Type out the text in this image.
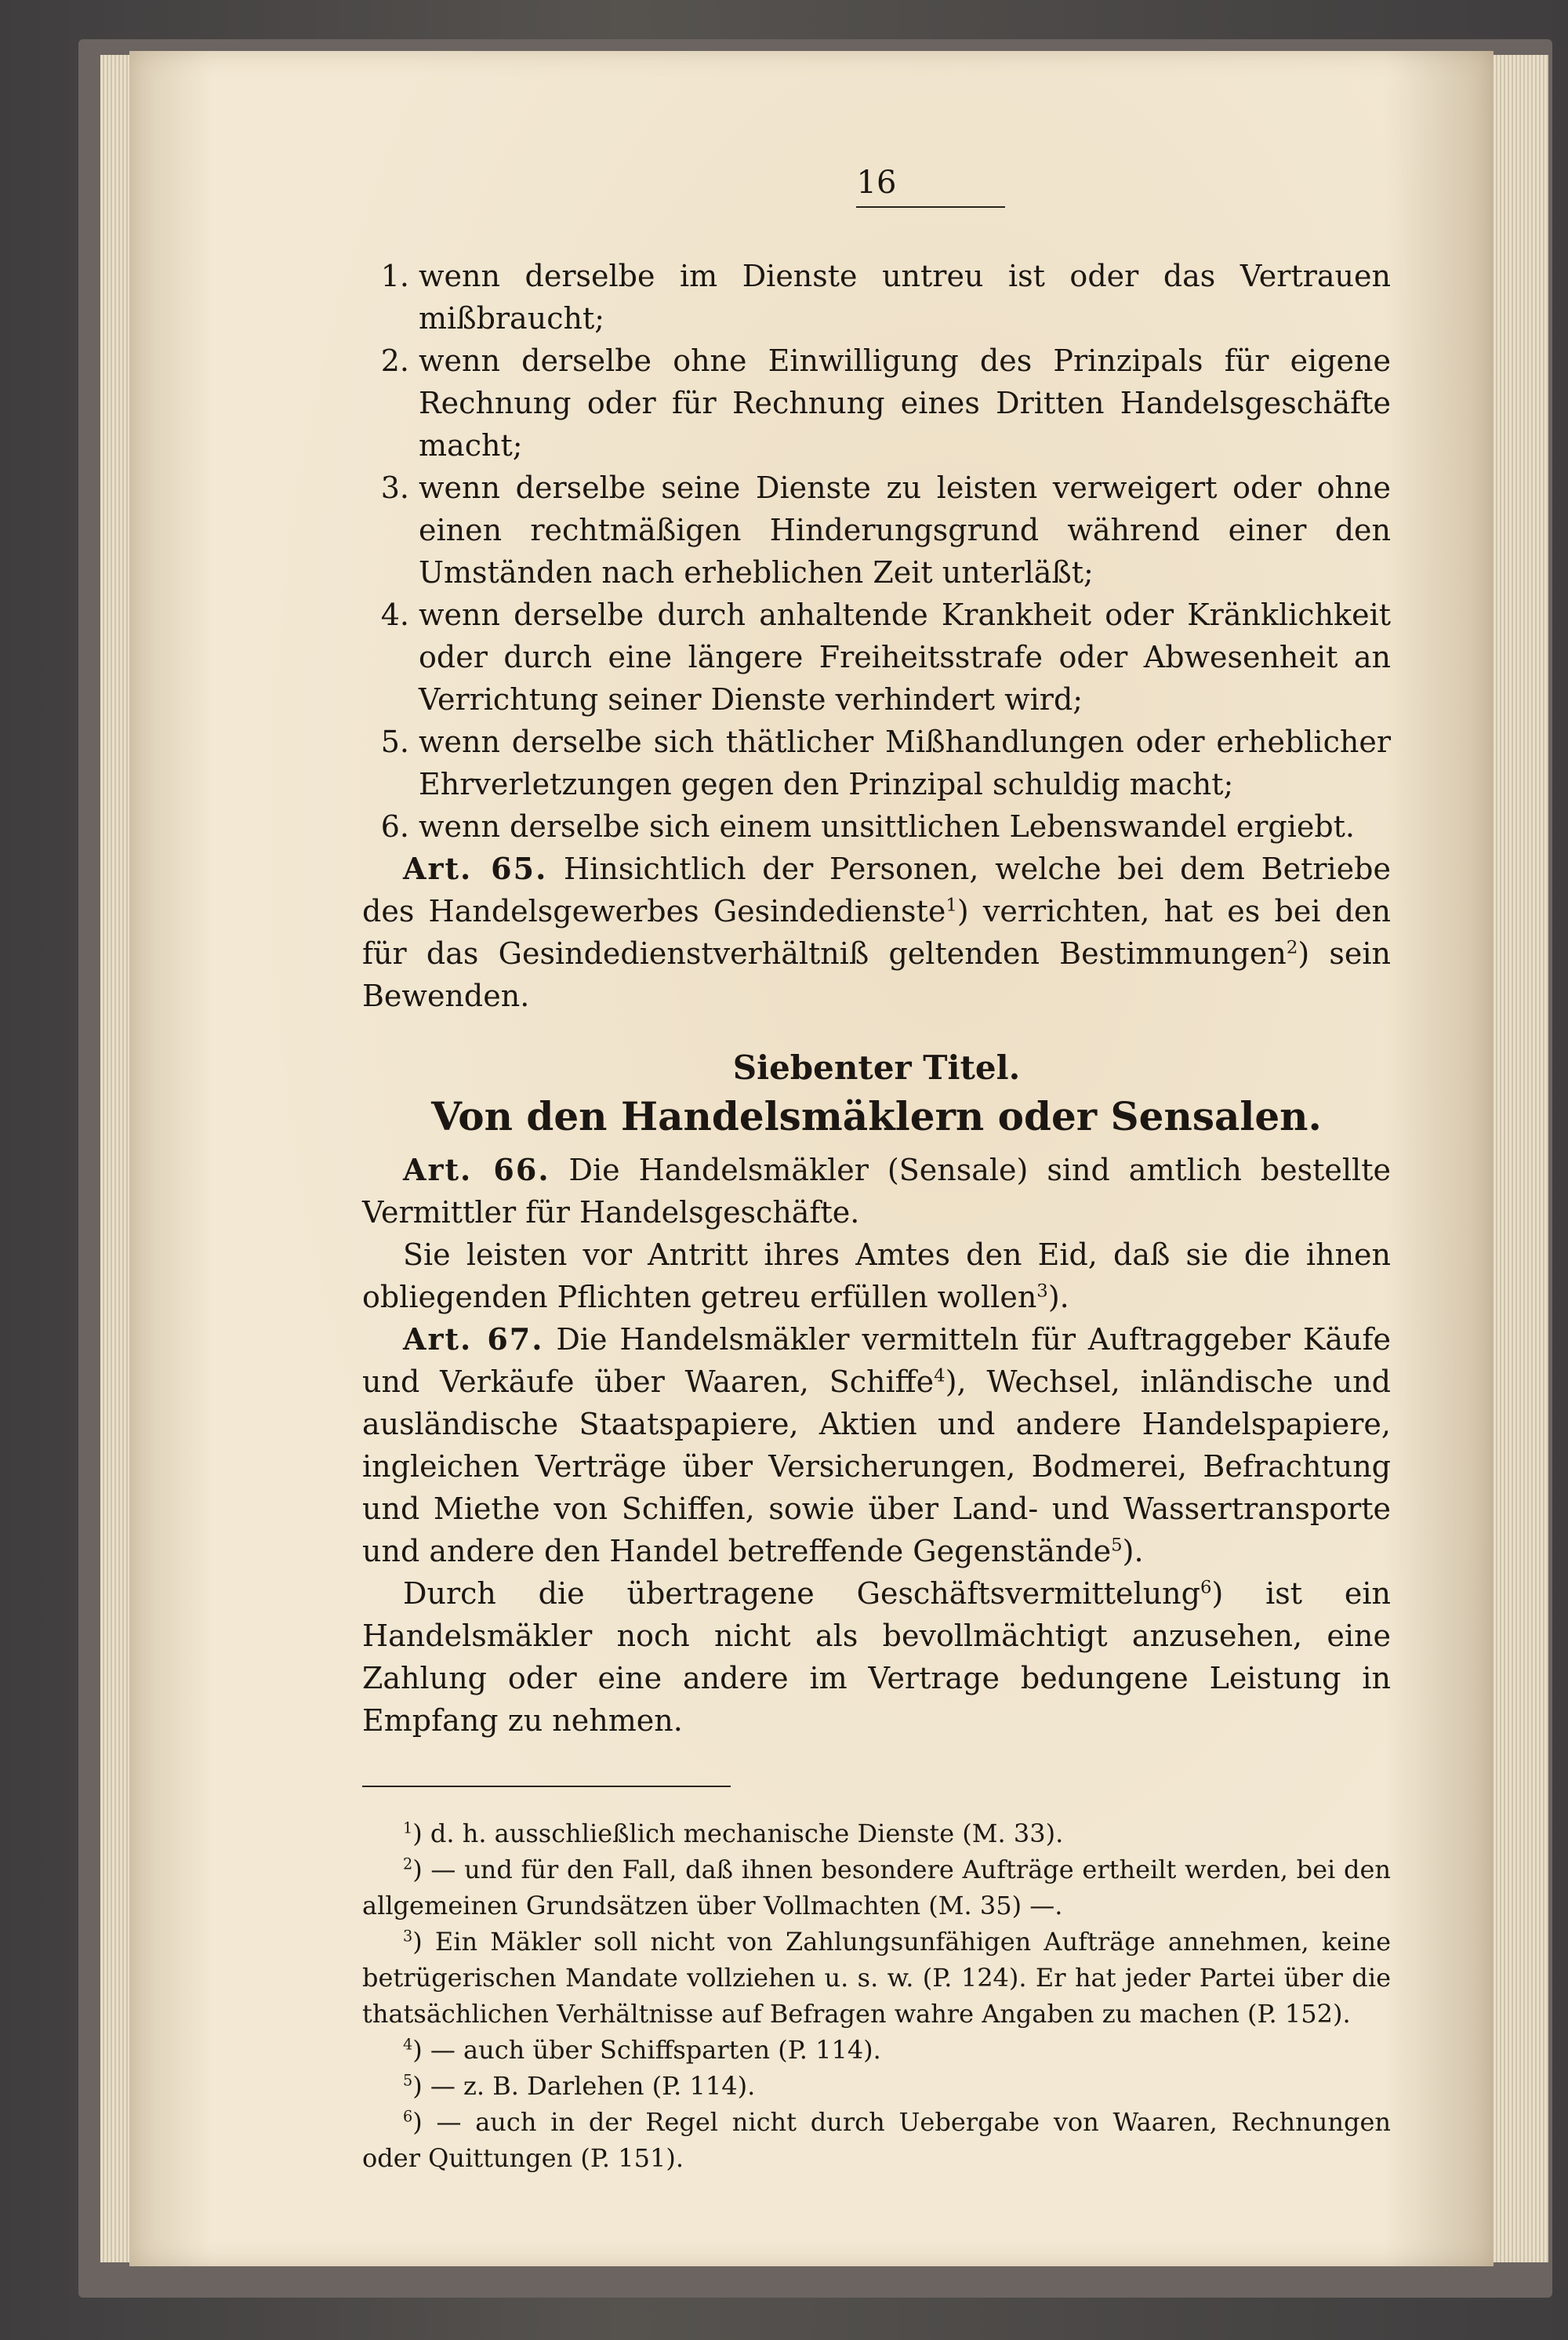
16
1. wenn derselbe im Dienste untreu ist oder das Vertrauen mißbraucht;
2. wenn derselbe ohne Einwilligung des Prinzipals für eigene Rechnung oder für Rechnung eines Dritten Handelsgeschäfte macht;
3. wenn derselbe seine Dienste zu leisten verweigert oder ohne einen rechtmäßigen Hinderungsgrund während einer den Umständen nach erheblichen Zeit unterläßt;
4. wenn derselbe durch anhaltende Krankheit oder Kränklichkeit oder durch eine längere Freiheitsstrafe oder Abwesenheit an Verrichtung seiner Dienste verhindert wird;
5. wenn derselbe sich thätlicher Mißhandlungen oder erheblicher Ehrverletzungen gegen den Prinzipal schuldig macht;
6. wenn derselbe sich einem unsittlichen Lebenswandel ergiebt.

Art. 65. Hinsichtlich der Personen, welche bei dem Betriebe des Handelsgewerbes Gesindedienste$^1$) verrichten, hat es bei den für das Gesindedienstverhältniß geltenden Bestimmungen$^2$) sein Bewenden.

Siebenter Titel.
Von den Handelsmäklern oder Sensalen.

Art. 66. Die Handelsmäkler (Sensale) sind amtlich bestellte Vermittler für Handelsgeschäfte.

Sie leisten vor Antritt ihres Amtes den Eid, daß sie die ihnen obliegenden Pflichten getreu erfüllen wollen$^3$).

Art. 67. Die Handelsmäkler vermitteln für Auftraggeber Käufe und Verkäufe über Waaren, Schiffe$^4$), Wechsel, inländische und ausländische Staatspapiere, Aktien und andere Handelspapiere, ingleichen Verträge über Versicherungen, Bodmerei, Befrachtung und Miethe von Schiffen, sowie über Land- und Wassertransporte und andere den Handel betreffende Gegenstände$^5$).

Durch die übertragene Geschäftsvermittelung$^6$) ist ein Handelsmäkler noch nicht als bevollmächtigt anzusehen, eine Zahlung oder eine andere im Vertrage bedungene Leistung in Empfang zu nehmen.

$^1$) d. h. ausschließlich mechanische Dienste (M. 33).

$^2$) — und für den Fall, daß ihnen besondere Aufträge ertheilt werden, bei den allgemeinen Grundsätzen über Vollmachten (M. 35) —.

$^3$) Ein Mäkler soll nicht von Zahlungsunfähigen Aufträge annehmen, keine betrügerischen Mandate vollziehen u. s. w. (P. 124). Er hat jeder Partei über die thatsächlichen Verhältnisse auf Befragen wahre Angaben zu machen (P. 152).

$^4$) — auch über Schiffsparten (P. 114).

$^5$) — z. B. Darlehen (P. 114).

$^6$) — auch in der Regel nicht durch Uebergabe von Waaren, Rechnungen oder Quittungen (P. 151).
